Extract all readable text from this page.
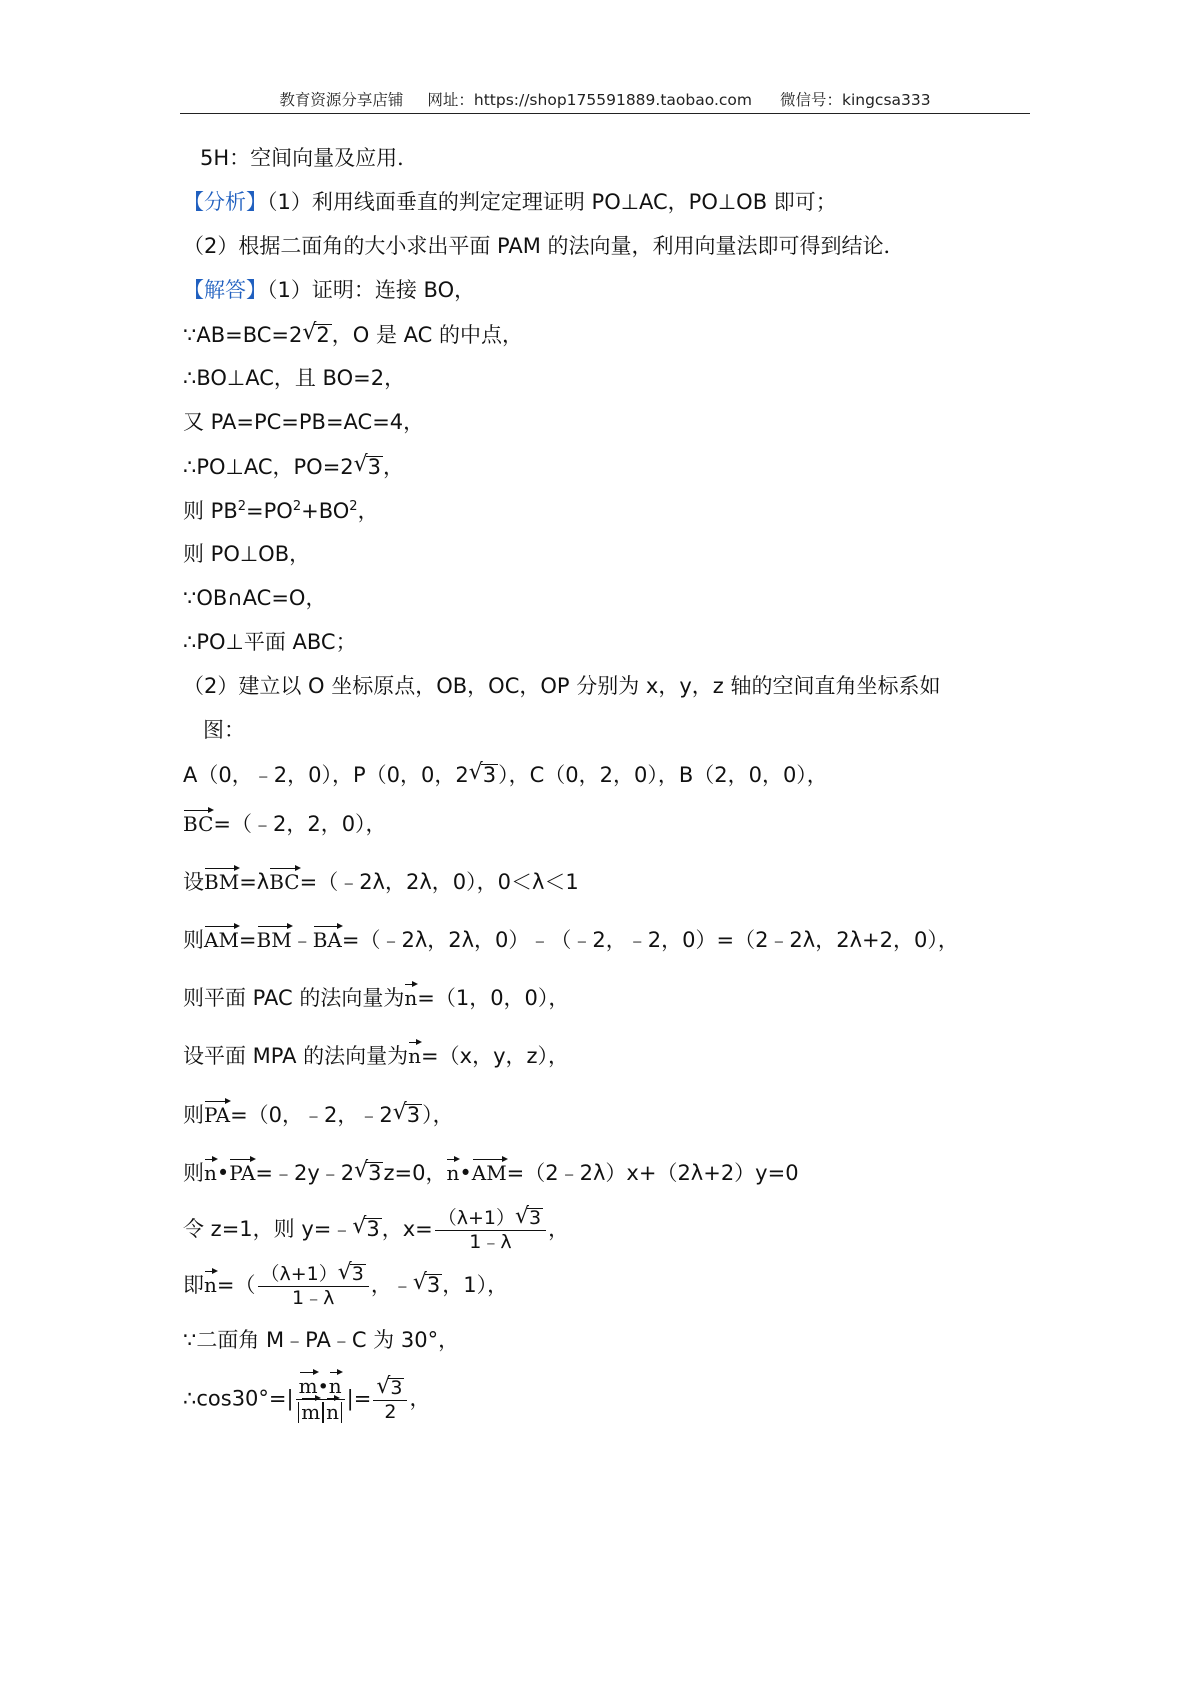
教育资源分享店铺 网址：https://shop175591889.taobao.com 微信号：kingcsa333
5H：空间向量及应用．
【分析】（1）利用线面垂直的判定定理证明 PO⊥AC，PO⊥OB 即可；
（2）根据二面角的大小求出平面 PAM 的法向量，利用向量法即可得到结论．
【解答】（1）证明：连接 BO，
∵AB=BC=2 √ 2，O 是 AC 的中点，
∴BO⊥AC，且 BO=2，
又 PA=PC=PB=AC=4，
∴PO⊥AC，PO=2 √ 3，
则 $PB^2=PO^2+BO^2$，
则 PO⊥OB，
∵OB∩AC=O，
∴PO⊥平面 ABC；
（2）建立以 O 坐标原点，OB，OC，OP 分别为 x，y，z 轴的空间直角坐标系如
图：
A（0，﹣2，0），P（0，0，2 √ 3），C（0，2，0），B（2，0，0），
BC=（﹣2，2，0），
设BM=λBC=（﹣2λ，2λ，0），0＜λ＜1
则AM=BM﹣BA=（﹣2λ，2λ，0）﹣（﹣2，﹣2，0）=（2﹣2λ，2λ+2，0），
则平面 PAC 的法向量为n=（1，0，0），
设平面 MPA 的法向量为n=（x，y，z），
则PA=（0，﹣2，﹣2 √ 3），
则n•PA=﹣2y﹣2 √ 3z=0，n•AM=（2﹣2λ）x+（2λ+2）y=0
令 z=1，则 y=﹣ √ 3，$x= \frac{(\lambda+1) √ 3}{1﹣\lambda}$ ，
即$n=( \frac{(\lambda+1) √ 3}{1﹣\lambda}$ ，﹣ √ 3，1），
∵二面角 M﹣PA﹣C 为 30°，
∴cos30°=| $\frac{m•n}{\text{m n}}$ |= √ $\frac{3}{2}$ ，
